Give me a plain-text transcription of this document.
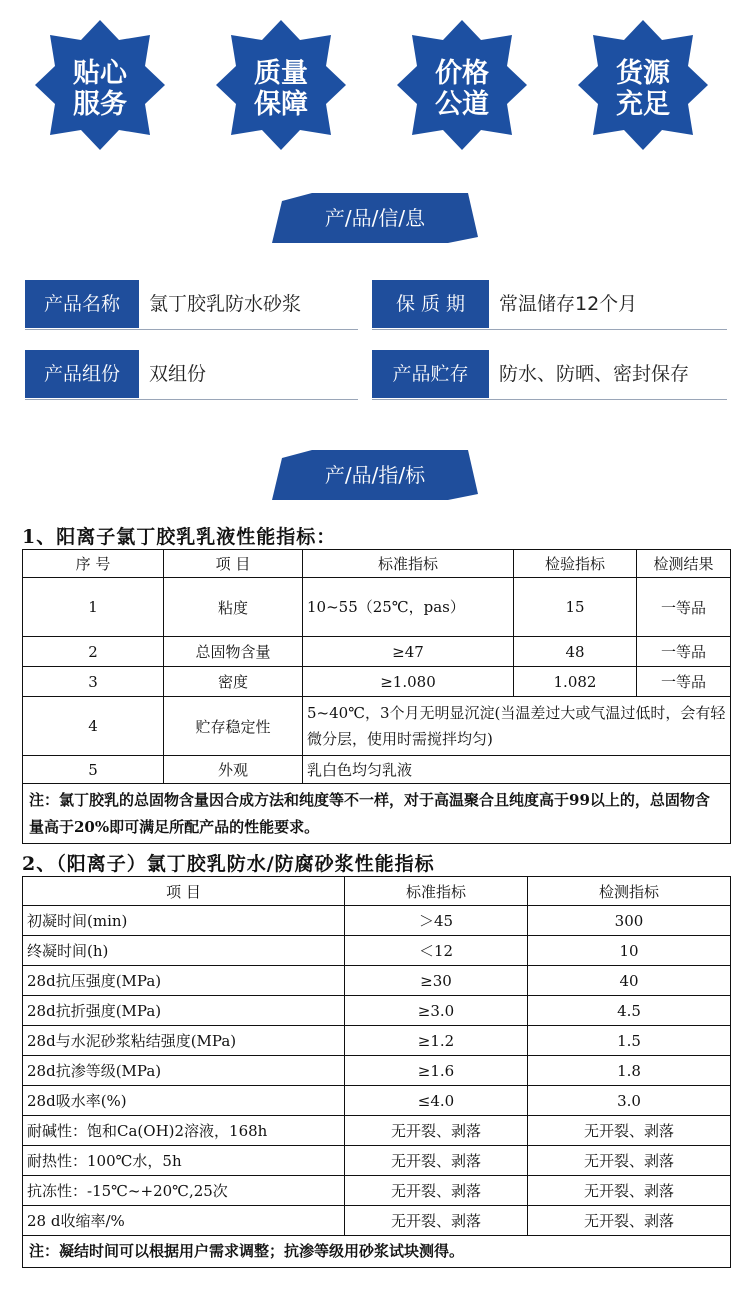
贴心
服务
质量
保障
价格
公道
货源
充足
产/品/信/息
产品名称	氯丁胶乳防水砂浆	保 质 期	常温储存12个月
产品组份	双组份	产品贮存	防水、防晒、密封保存
产/品/指/标
1、阳离子氯丁胶乳乳液性能指标：
序 号	项 目	标准指标	检验指标	检测结果
1	粘度	10~55（25℃，pas）	15	一等品
2	总固物含量	≥47	48	一等品
3	密度	≥1.080	1.082	一等品
4	贮存稳定性	5~40℃，3个月无明显沉淀(当温差过大或气温过低时，会有轻微分层，使用时需搅拌均匀)		
5	外观	乳白色均匀乳液		
注：氯丁胶乳的总固物含量因合成方法和纯度等不一样，对于高温聚合且纯度高于99以上的，总固物含量高于20%即可满足所配产品的性能要求。				
2、（阳离子）氯丁胶乳防水/防腐砂浆性能指标
项 目	标准指标	检测指标
初凝时间(min)	＞45	300
终凝时间(h)	＜12	10
28d抗压强度(MPa)	≥30	40
28d抗折强度(MPa)	≥3.0	4.5
28d与水泥砂浆粘结强度(MPa)	≥1.2	1.5
28d抗渗等级(MPa)	≥1.6	1.8
28d吸水率(%)	≤4.0	3.0
耐碱性：饱和Ca(OH)2溶液，168h	无开裂、剥落	无开裂、剥落
耐热性：100℃水，5h	无开裂、剥落	无开裂、剥落
抗冻性：-15℃~+20℃,25次	无开裂、剥落	无开裂、剥落
28 d收缩率/%	无开裂、剥落	无开裂、剥落
注：凝结时间可以根据用户需求调整；抗渗等级用砂浆试块测得。		
